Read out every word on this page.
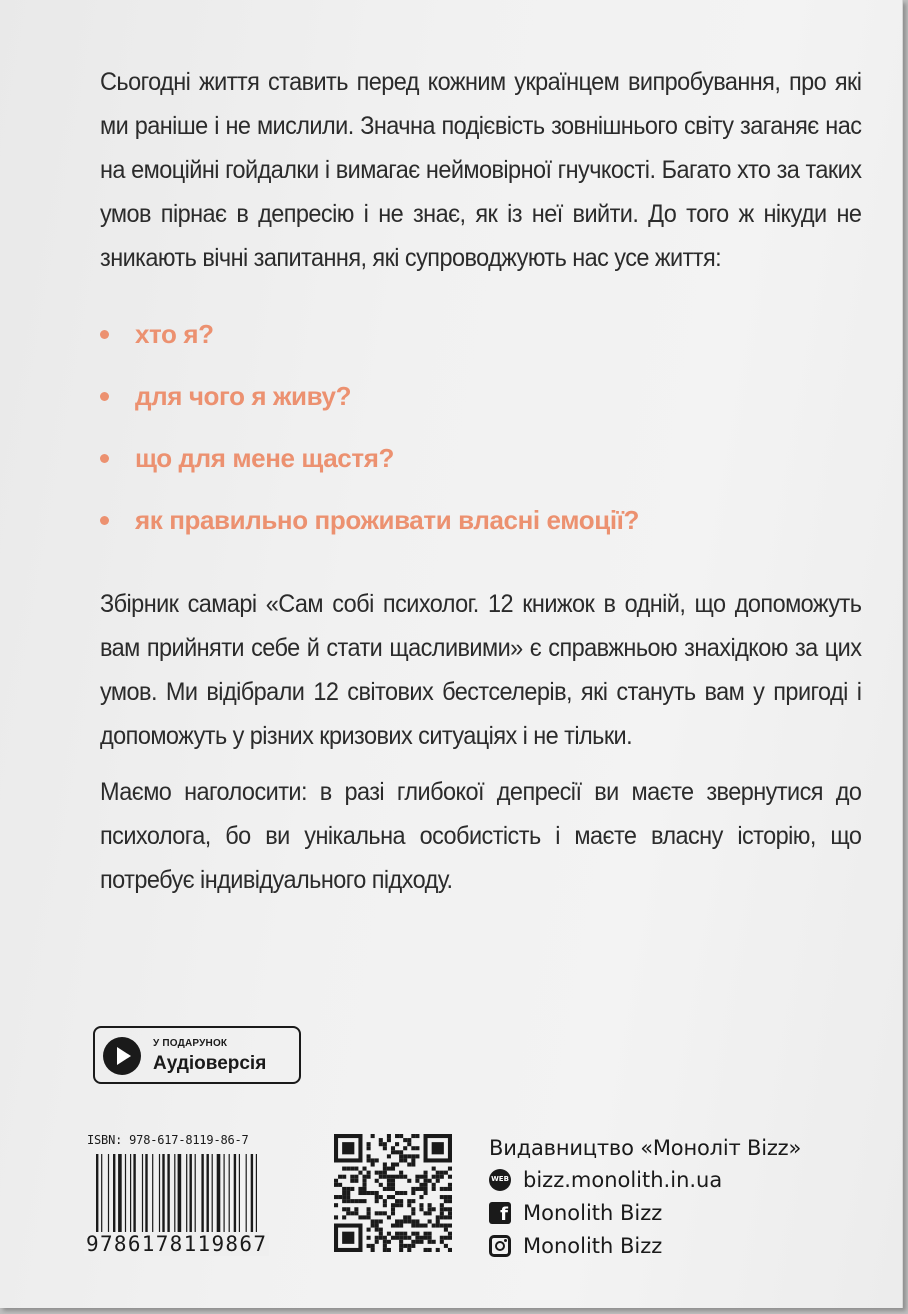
Сьогодні життя ставить перед кожним українцем випробування, про які ми раніше і не мислили. Значна подієвість зовнішнього світу заганяє нас на емоційні гойдалки і вимагає неймовірної гнучкості. Багато хто за таких умов пірнає в депресію і не знає, як із неї вийти. До того ж нікуди не зникають вічні запитання, які супроводжують нас усе життя:
хто я?
для чого я живу?
що для мене щастя?
як правильно проживати власні емоції?
Збірник самарі «Сам собі психолог. 12 книжок в одній, що допоможуть вам прийняти себе й стати щасливими» є справжньою знахідкою за цих умов. Ми відібрали 12 світових бестселерів, які стануть вам у пригоді і допоможуть у різних кризових ситуаціях і не тільки.
Маємо наголосити: в разі глибокої депресії ви маєте звернутися до психолога, бо ви унікальна особистість і маєте власну історію, що потребує індивідуального підходу.
У ПОДАРУНОК
Аудіоверсія
ISBN: 978-617-8119-86-7
9786178119867
Видавництво «Моноліт Bizz»
WEB
bizz.monolith.in.ua
f Monolith Bizz
Monolith Bizz
